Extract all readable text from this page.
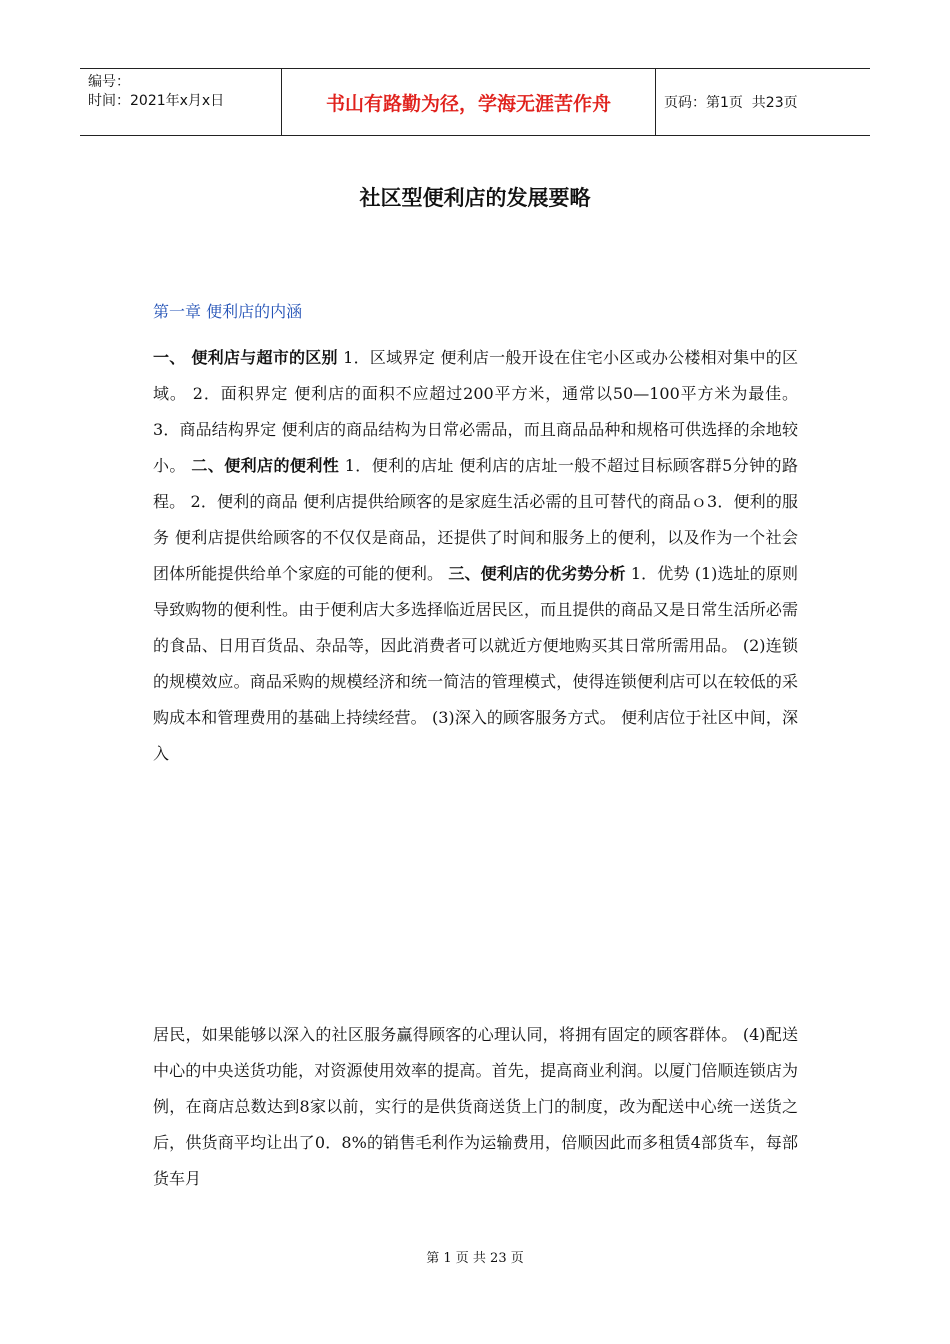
编号：
时间：2021年x月x日	书山有路勤为径，学海无涯苦作舟	页码：第1页  共23页
社区型便利店的发展要略
第一章 便利店的内涵

一、 便利店与超市的区别 1．区域界定 便利店一般开设在住宅小区或办公楼相对集中的区域。 2．面积界定 便利店的面积不应超过200平方米，通常以50—100平方米为最佳。 3．商品结构界定 便利店的商品结构为日常必需品，而且商品品种和规格可供选择的余地较小。 二、便利店的便利性 1．便利的店址 便利店的店址一般不超过目标顾客群5分钟的路程。 2．便利的商品 便利店提供给顾客的是家庭生活必需的且可替代的商品ｏ3．便利的服务 便利店提供给顾客的不仅仅是商品，还提供了时间和服务上的便利，以及作为一个社会团体所能提供给单个家庭的可能的便利。 三、便利店的优劣势分析 1．优势 (1)选址的原则导致购物的便利性。由于便利店大多选择临近居民区，而且提供的商品又是日常生活所必需的食品、日用百货品、杂品等，因此消费者可以就近方便地购买其日常所需用品。 (2)连锁的规模效应。商品采购的规模经济和统一简洁的管理模式，使得连锁便利店可以在较低的采购成本和管理费用的基础上持续经营。 (3)深入的顾客服务方式。 便利店位于社区中间，深入

居民，如果能够以深入的社区服务赢得顾客的心理认同，将拥有固定的顾客群体。 (4)配送中心的中央送货功能，对资源使用效率的提高。首先，提高商业利润。以厦门倍顺连锁店为例，在商店总数达到8家以前，实行的是供货商送货上门的制度，改为配送中心统一送货之后，供货商平均让出了0．8%的销售毛利作为运输费用，倍顺因此而多租赁4部货车，每部货车月

第 1 页 共 23 页
